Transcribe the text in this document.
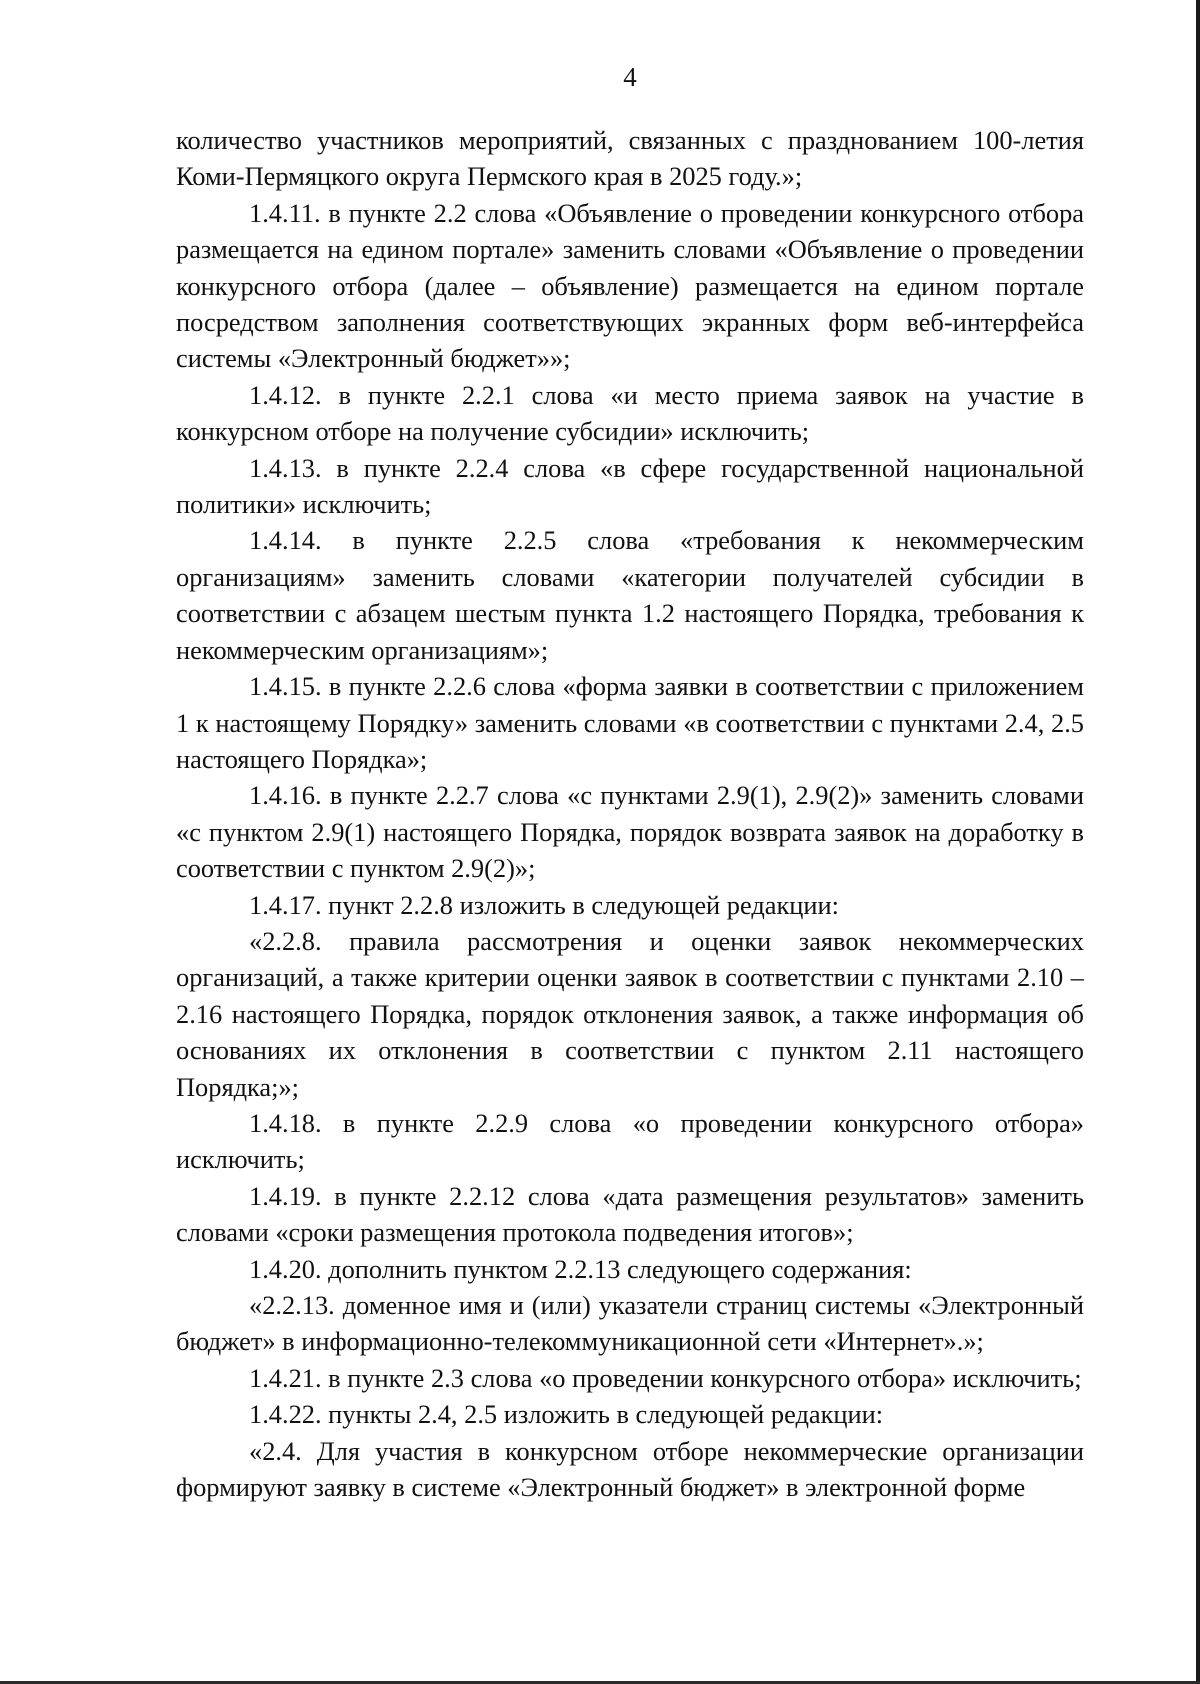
4

количество участников мероприятий, связанных с празднованием 100-летия Коми-Пермяцкого округа Пермского края в 2025 году.»;

1.4.11. в пункте 2.2 слова «Объявление о проведении конкурсного отбора размещается на едином портале» заменить словами «Объявление о проведении конкурсного отбора (далее – объявление) размещается на едином портале посредством заполнения соответствующих экранных форм веб-интерфейса системы «Электронный бюджет»»;

1.4.12. в пункте 2.2.1 слова «и место приема заявок на участие в конкурсном отборе на получение субсидии» исключить;

1.4.13. в пункте 2.2.4 слова «в сфере государственной национальной политики» исключить;

1.4.14. в пункте 2.2.5 слова «требования к некоммерческим организациям» заменить словами «категории получателей субсидии в соответствии с абзацем шестым пункта 1.2 настоящего Порядка, требования к некоммерческим организациям»;

1.4.15. в пункте 2.2.6 слова «форма заявки в соответствии с приложением 1 к настоящему Порядку» заменить словами «в соответствии с пунктами 2.4, 2.5 настоящего Порядка»;

1.4.16. в пункте 2.2.7 слова «с пунктами 2.9(1), 2.9(2)» заменить словами «с пунктом 2.9(1) настоящего Порядка, порядок возврата заявок на доработку в соответствии с пунктом 2.9(2)»;

1.4.17. пункт 2.2.8 изложить в следующей редакции:

«2.2.8. правила рассмотрения и оценки заявок некоммерческих организаций, а также критерии оценки заявок в соответствии с пунктами 2.10 – 2.16 настоящего Порядка, порядок отклонения заявок, а также информация об основаниях их отклонения в соответствии с пунктом 2.11 настоящего Порядка;»;

1.4.18. в пункте 2.2.9 слова «о проведении конкурсного отбора» исключить;

1.4.19. в пункте 2.2.12 слова «дата размещения результатов» заменить словами «сроки размещения протокола подведения итогов»;

1.4.20. дополнить пунктом 2.2.13 следующего содержания:

«2.2.13. доменное имя и (или) указатели страниц системы «Электронный бюджет» в информационно-телекоммуникационной сети «Интернет».»;

1.4.21. в пункте 2.3 слова «о проведении конкурсного отбора» исключить;

1.4.22. пункты 2.4, 2.5 изложить в следующей редакции:

«2.4. Для участия в конкурсном отборе некоммерческие организации формируют заявку в системе «Электронный бюджет» в электронной форме
